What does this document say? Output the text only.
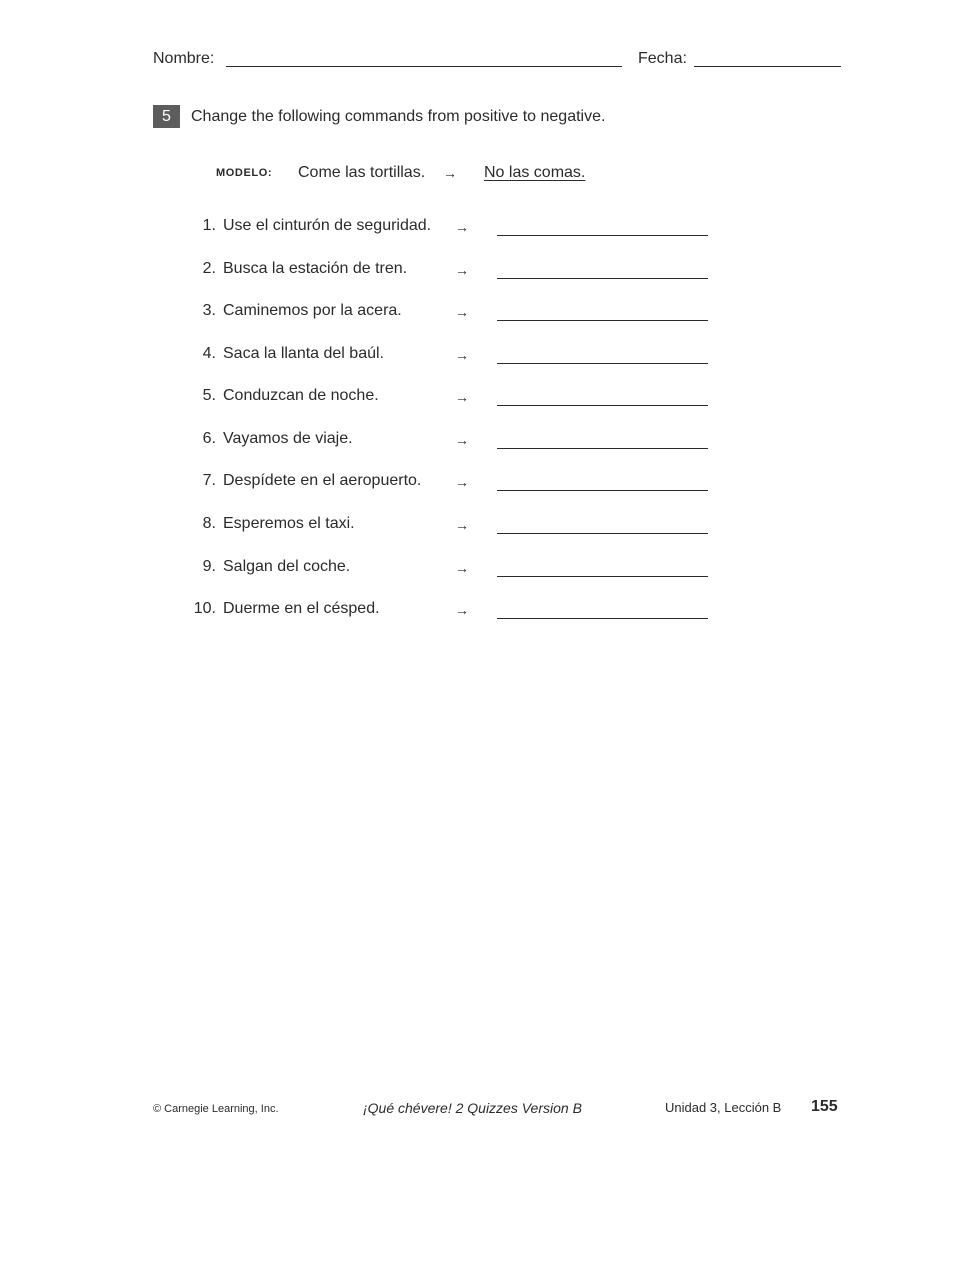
Nombre:	Fecha:
5	Change the following commands from positive to negative.
MODELO: Come las tortillas. → No las comas.
1. Use el cinturón de seguridad. →
2. Busca la estación de tren.	→
3. Caminemos por la acera.	→
4. Saca la llanta del baúl.	→
5. Conduzcan de noche.	→
6. Vayamos de viaje.	→
7. Despídete en el aeropuerto. →
8. Esperemos el taxi.	→
9. Salgan del coche.	→
10. Duerme en el césped.	→
© Carnegie Learning, Inc.	¡Qué chévere! 2 Quizzes Version B	Unidad 3, Lección B 155
